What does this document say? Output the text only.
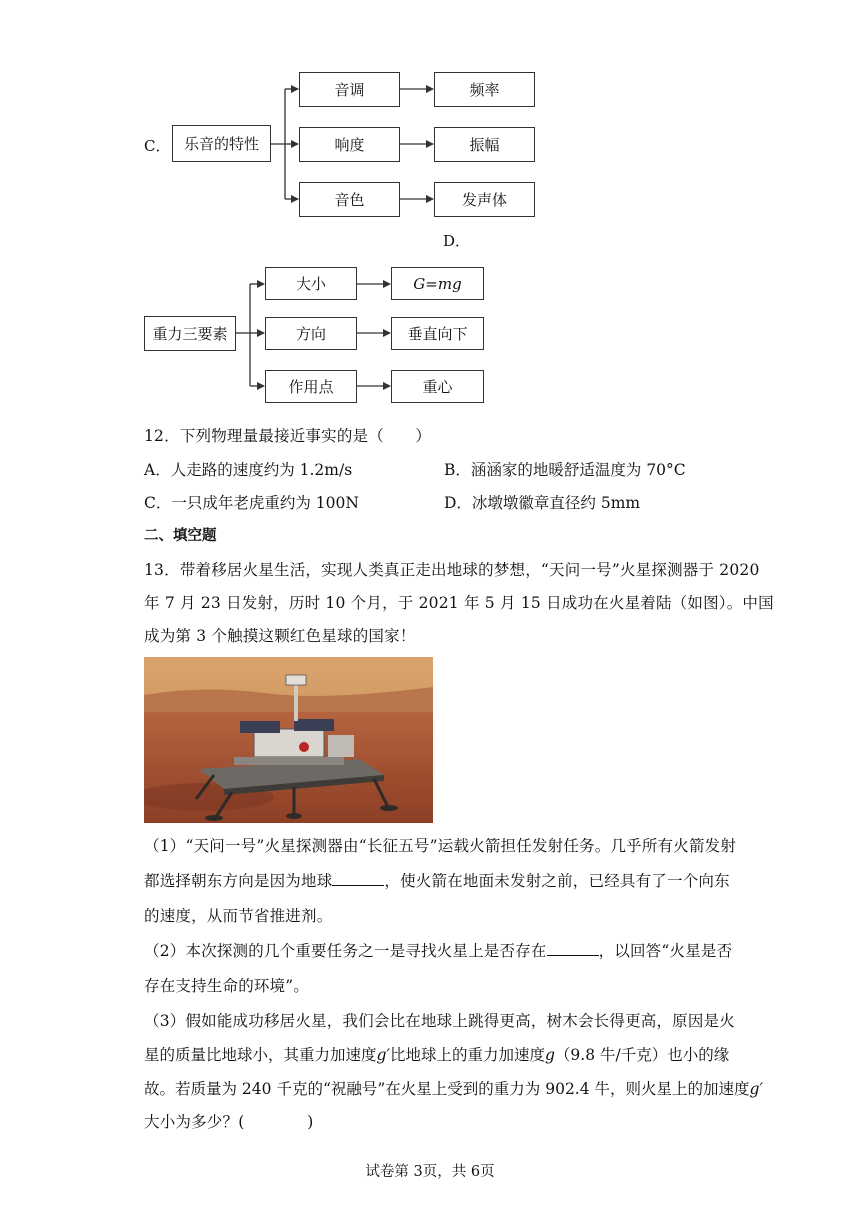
C． 乐音的特性
音调
响度
音色
频率
振幅
发声体
D．
重力三要素
大小
方向
作用点
G=mg
垂直向下
重心
12．下列物理量最接近事实的是（　　）
A．人走路的速度约为 1.2m/s	B．涵涵家的地暖舒适温度为 70°C
C．一只成年老虎重约为 100N	D．冰墩墩徽章直径约 5mm
二、填空题
13．带着移居火星生活，实现人类真正走出地球的梦想，“天问一号”火星探测器于 2020
年 7 月 23 日发射，历时 10 个月，于 2021 年 5 月 15 日成功在火星着陆（如图）。中国
成为第 3 个触摸这颗红色星球的国家！
（1）“天问一号”火星探测器由“长征五号”运载火箭担任发射任务。几乎所有火箭发射
都选择朝东方向是因为地球	，使火箭在地面未发射之前，已经具有了一个向东
的速度，从而节省推进剂。
（2）本次探测的几个重要任务之一是寻找火星上是否存在	，以回答“火星是否
存在支持生命的环境”。
（3）假如能成功移居火星，我们会比在地球上跳得更高，树木会长得更高，原因是火
星的质量比地球小，其重力加速度g′比地球上的重力加速度g（9.8 牛/千克）也小的缘
故。若质量为 240 千克的“祝融号”在火星上受到的重力为 902.4 牛，则火星上的加速度g′
大小为多少？(　　　　)
试卷第 3页，共 6页
